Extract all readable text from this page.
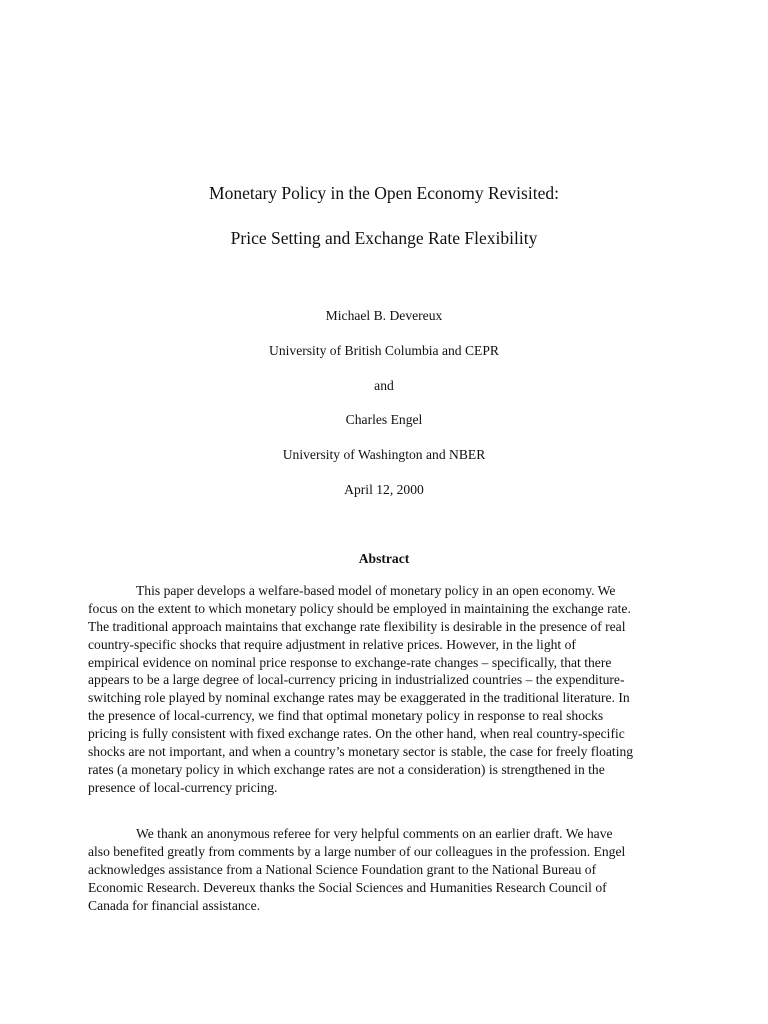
Monetary Policy in the Open Economy Revisited:
Price Setting and Exchange Rate Flexibility
Michael B. Devereux
University of British Columbia and CEPR
and
Charles Engel
University of Washington and NBER
April 12, 2000
Abstract
This paper develops a welfare-based model of monetary policy in an open economy. We
focus on the extent to which monetary policy should be employed in maintaining the exchange rate.
The traditional approach maintains that exchange rate flexibility is desirable in the presence of real
country-specific shocks that require adjustment in relative prices. However, in the light of
empirical evidence on nominal price response to exchange-rate changes – specifically, that there
appears to be a large degree of local-currency pricing in industrialized countries – the expenditure-
switching role played by nominal exchange rates may be exaggerated in the traditional literature. In
the presence of local-currency, we find that optimal monetary policy in response to real shocks
pricing is fully consistent with fixed exchange rates. On the other hand, when real country-specific
shocks are not important, and when a country’s monetary sector is stable, the case for freely floating
rates (a monetary policy in which exchange rates are not a consideration) is strengthened in the
presence of local-currency pricing.
We thank an anonymous referee for very helpful comments on an earlier draft. We have
also benefited greatly from comments by a large number of our colleagues in the profession. Engel
acknowledges assistance from a National Science Foundation grant to the National Bureau of
Economic Research. Devereux thanks the Social Sciences and Humanities Research Council of
Canada for financial assistance.
